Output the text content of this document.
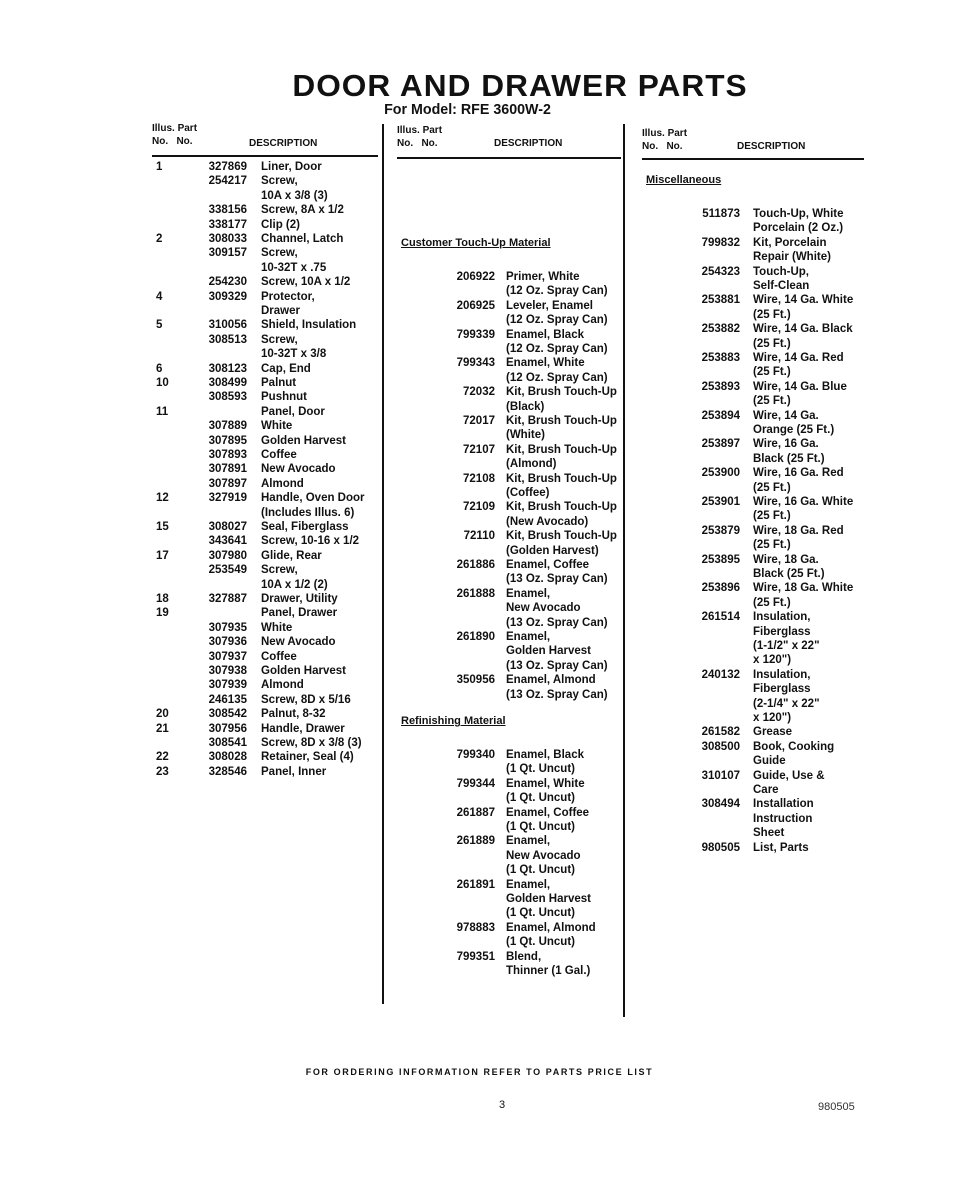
DOOR AND DRAWER PARTS
For Model: RFE 3600W-2
Illus. Part
No. No.	DESCRIPTION
Illus. Part
No. No.	DESCRIPTION
Illus. Part
No. No.	DESCRIPTION
1	327869 Liner, Door
254217 Screw,
10A x 3/8 (3)
338156 Screw, 8A x 1/2
338177 Clip (2)
2	308033 Channel, Latch
309157 Screw,
10-32T x .75
254230 Screw, 10A x 1/2
4	309329 Protector,
Drawer
5	310056 Shield, Insulation
308513 Screw,
10-32T x 3/8
6	308123 Cap, End
10	308499 Palnut
308593 Pushnut
11	Panel, Door
307889 White
307895 Golden Harvest
307893 Coffee
307891 New Avocado
307897 Almond
12	327919 Handle, Oven Door
(Includes Illus. 6)
15	308027 Seal, Fiberglass
343641 Screw, 10-16 x 1/2
17	307980 Glide, Rear
253549 Screw,
10A x 1/2 (2)
18	327887 Drawer, Utility
19	Panel, Drawer
307935 White
307936 New Avocado
307937 Coffee
307938 Golden Harvest
307939 Almond
246135 Screw, 8D x 5/16
20	308542 Palnut, 8-32
21	307956 Handle, Drawer
308541 Screw, 8D x 3/8 (3)
22	308028 Retainer, Seal (4)
23	328546 Panel, Inner
Customer Touch-Up Material
206922 Primer, White
(12 Oz. Spray Can)
206925 Leveler, Enamel
(12 Oz. Spray Can)
799339 Enamel, Black
(12 Oz. Spray Can)
799343 Enamel, White
(12 Oz. Spray Can)
72032 Kit, Brush Touch-Up
(Black)
72017 Kit, Brush Touch-Up
(White)
72107 Kit, Brush Touch-Up
(Almond)
72108 Kit, Brush Touch-Up
(Coffee)
72109 Kit, Brush Touch-Up
(New Avocado)
72110 Kit, Brush Touch-Up
(Golden Harvest)
261886 Enamel, Coffee
(13 Oz. Spray Can)
261888 Enamel,
New Avocado
(13 Oz. Spray Can)
261890 Enamel,
Golden Harvest
(13 Oz. Spray Can)
350956 Enamel, Almond
(13 Oz. Spray Can)
Refinishing Material
799340 Enamel, Black
(1 Qt. Uncut)
799344 Enamel, White
(1 Qt. Uncut)
261887 Enamel, Coffee
(1 Qt. Uncut)
261889 Enamel,
New Avocado
(1 Qt. Uncut)
261891 Enamel,
Golden Harvest
(1 Qt. Uncut)
978883 Enamel, Almond
(1 Qt. Uncut)
799351 Blend,
Thinner (1 Gal.)
Miscellaneous
511873 Touch-Up, White
Porcelain (2 Oz.)
799832 Kit, Porcelain
Repair (White)
254323 Touch-Up,
Self-Clean
253881 Wire, 14 Ga. White
(25 Ft.)
253882 Wire, 14 Ga. Black
(25 Ft.)
253883 Wire, 14 Ga. Red
(25 Ft.)
253893 Wire, 14 Ga. Blue
(25 Ft.)
253894 Wire, 14 Ga.
Orange (25 Ft.)
253897 Wire, 16 Ga.
Black (25 Ft.)
253900 Wire, 16 Ga. Red
(25 Ft.)
253901 Wire, 16 Ga. White
(25 Ft.)
253879 Wire, 18 Ga. Red
(25 Ft.)
253895 Wire, 18 Ga.
Black (25 Ft.)
253896 Wire, 18 Ga. White
(25 Ft.)
261514 Insulation,
Fiberglass
(1-1/2" x 22"
x 120")
240132 Insulation,
Fiberglass
(2-1/4" x 22"
x 120")
261582 Grease
308500 Book, Cooking
Guide
310107 Guide, Use &
Care
308494 Installation
Instruction
Sheet
980505 List, Parts
FOR ORDERING INFORMATION REFER TO PARTS PRICE LIST
3	980505
